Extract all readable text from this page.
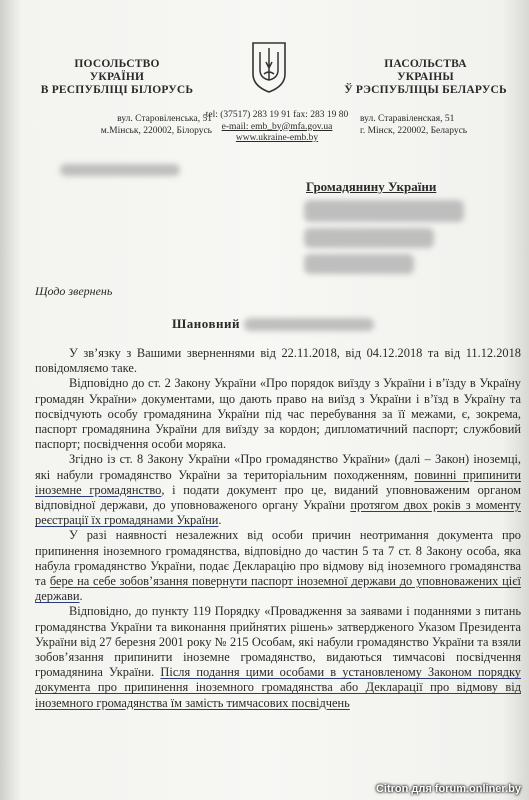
ПОСОЛЬСТВО
УКРАЇНИ
В РЕСПУБЛІЦІ БІЛОРУСЬ
вул. Старовіленська, 51
м.Мінськ, 220002, Білорусь
tel: (37517) 283 19 91 fax: 283 19 80
e-mail: emb_by@mfa.gov.ua
www.ukraine-emb.by
ПАСОЛЬСТВА
УКРАІНЫ
Ў РЭСПУБЛІЦЫ БЕЛАРУСЬ
вул. Старавіленская, 51
г. Мінск, 220002, Беларусь
Громадянину України
Щодо звернень
Шановний

У зв’язку з Вашими зверненнями від 22.11.2018, від 04.12.2018 та від 11.12.2018 повідомляємо таке.

Відповідно до ст. 2 Закону України «Про порядок виїзду з України і в’їзду в Україну громадян України» документами, що дають право на виїзд з України і в’їзд в Україну та посвідчують особу громадянина України під час перебування за її межами, є, зокрема, паспорт громадянина України для виїзду за кордон; дипломатичний паспорт; службовий паспорт; посвідчення особи моряка.

Згідно із ст. 8 Закону України «Про громадянство України» (далі – Закон) іноземці, які набули громадянство України за територіальним походженням, повинні припинити іноземне громадянство, і подати документ про це, виданий уповноваженим органом відповідної держави, до уповноваженого органу України протягом двох років з моменту реєстрації їх громадянами України.

У разі наявності незалежних від особи причин неотримання документа про припинення іноземного громадянства, відповідно до частин 5 та 7 ст. 8 Закону особа, яка набула громадянство України, подає Декларацію про відмову від іноземного громадянства та бере на себе зобов’язання повернути паспорт іноземної держави до уповноважених цієї держави.

Відповідно, до пункту 119 Порядку «Провадження за заявами і поданнями з питань громадянства України та виконання прийнятих рішень» затвердженого Указом Президента України від 27 березня 2001 року № 215 Особам, які набули громадянство України та взяли зобов’язання припинити іноземне громадянство, видаються тимчасові посвідчення громадянина України. Після подання цими особами в установленому Законом порядку документа про припинення іноземного громадянства або Декларації про відмову від іноземного громадянства їм замість тимчасових посвідчень

Citron для forum.onliner.by
